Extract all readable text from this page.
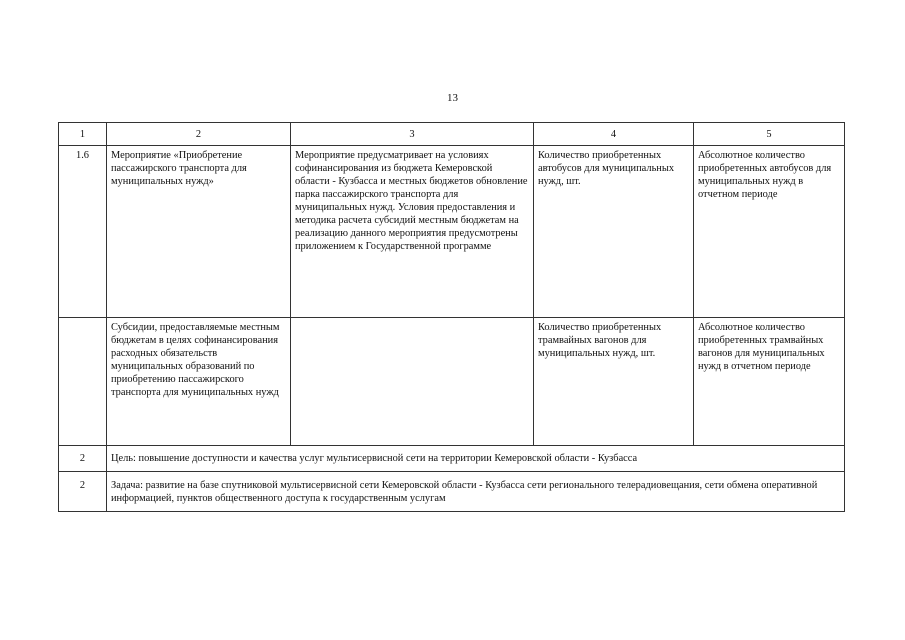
13
1	2	3	4	5
1.6	Мероприятие «Приобретение пассажирского транспорта для муниципальных нужд»	Мероприятие предусматривает на условиях софинансирования из бюджета Кемеровской области - Кузбасса и местных бюджетов обновление парка пассажирского транспорта для муниципальных нужд. Условия предоставления и методика расчета субсидий местным бюджетам на реализацию данного мероприятия предусмотрены приложением к Государственной программе	Количество приобретенных автобусов для муниципальных нужд, шт.	Абсолютное количество приобретенных автобусов для муниципальных нужд в отчетном периоде
	Субсидии, предоставляемые местным бюджетам в целях софинансирования расходных обязательств муниципальных образований по приобретению пассажирского транспорта для муниципальных нужд		Количество приобретенных трамвайных вагонов для муниципальных нужд, шт.	Абсолютное количество приобретенных трамвайных вагонов для муниципальных нужд в отчетном периоде
2	Цель: повышение доступности и качества услуг мультисервисной сети на территории Кемеровской области - Кузбасса			
2	Задача: развитие на базе спутниковой мультисервисной сети Кемеровской области - Кузбасса сети регионального телерадиовещания, сети обмена оперативной информацией, пунктов общественного доступа к государственным услугам			
